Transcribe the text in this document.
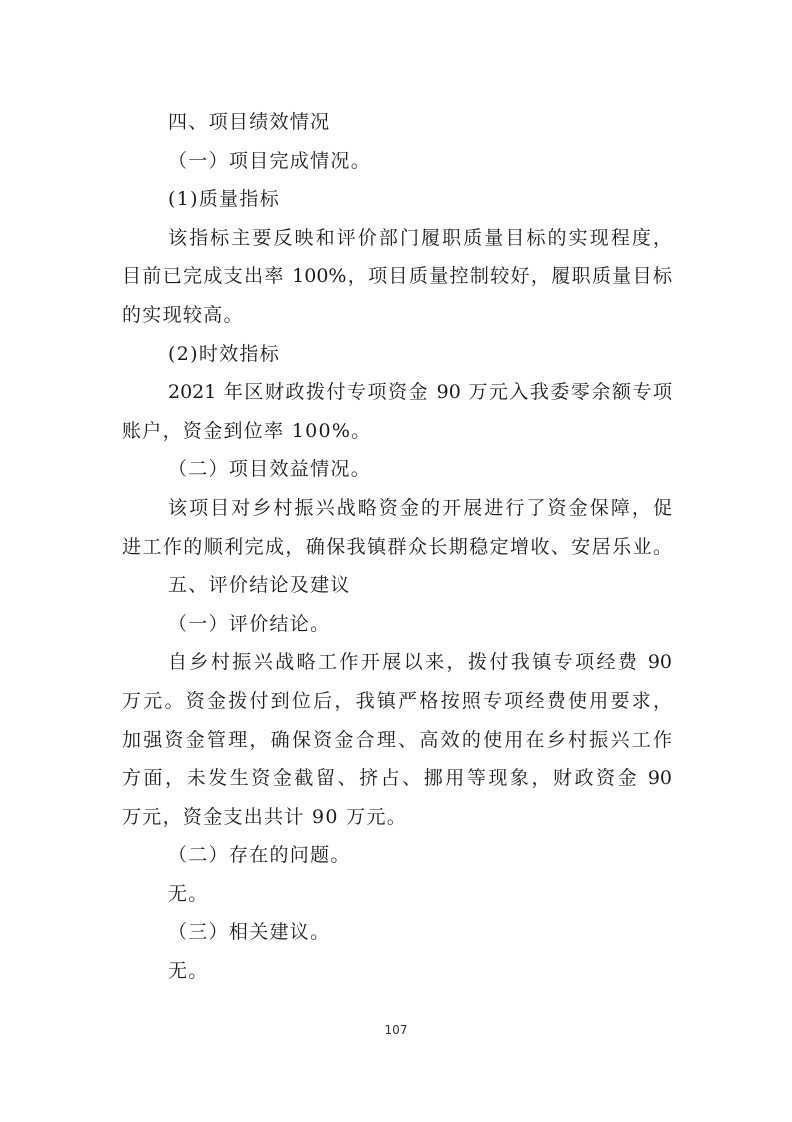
四、项目绩效情况
（一）项目完成情况。
(1)质量指标
该指标主要反映和评价部门履职质量目标的实现程度，
目前已完成支出率 100%，项目质量控制较好，履职质量目标
的实现较高。
(2)时效指标
2021 年区财政拨付专项资金 90 万元入我委零余额专项
账户，资金到位率 100%。
（二）项目效益情况。
该项目对乡村振兴战略资金的开展进行了资金保障，促
进工作的顺利完成，确保我镇群众长期稳定增收、安居乐业。
五、评价结论及建议
（一）评价结论。
自乡村振兴战略工作开展以来，拨付我镇专项经费 90
万元。资金拨付到位后，我镇严格按照专项经费使用要求，
加强资金管理，确保资金合理、高效的使用在乡村振兴工作
方面，未发生资金截留、挤占、挪用等现象，财政资金 90
万元，资金支出共计 90 万元。
（二）存在的问题。
无。
（三）相关建议。
无。
107
